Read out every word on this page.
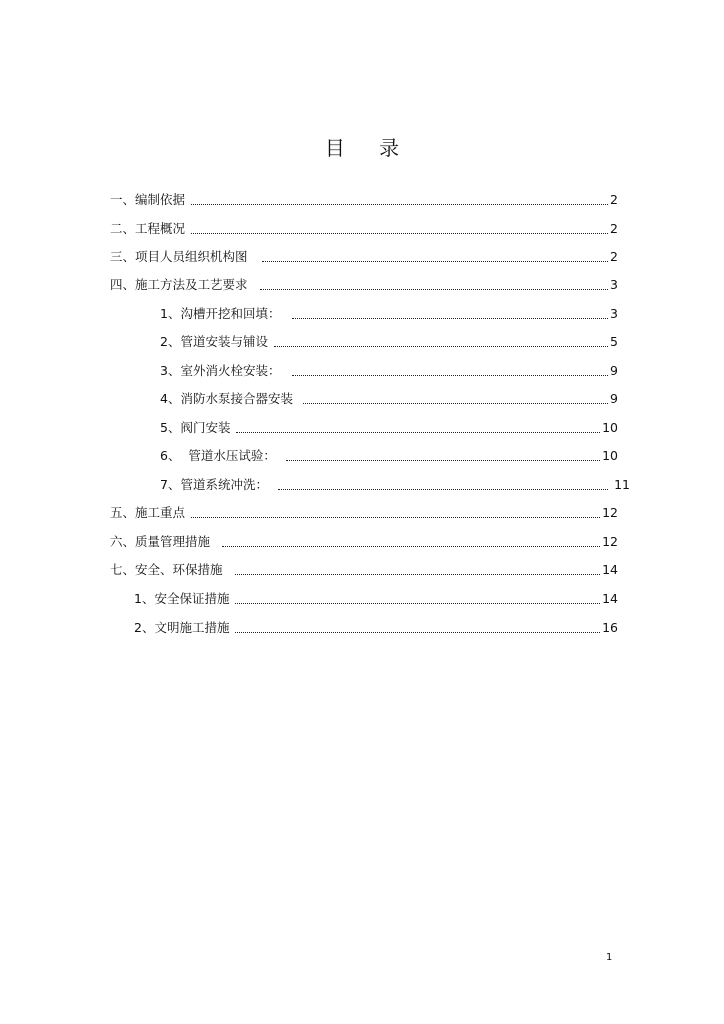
目 录
一、编制依据	2
二、工程概况	2
三、项目人员组织机构图	2
四、施工方法及工艺要求	3
1、沟槽开挖和回填：	3
2、管道安装与铺设	5
3、室外消火栓安装：	9
4、消防水泵接合器安装	9
5、阀门安装	10
6、  管道水压试验：	10
7、管道系统冲洗：	11
五、施工重点	12
六、质量管理措施	12
七、安全、环保措施	14
1、安全保证措施	14
2、文明施工措施	16
1
